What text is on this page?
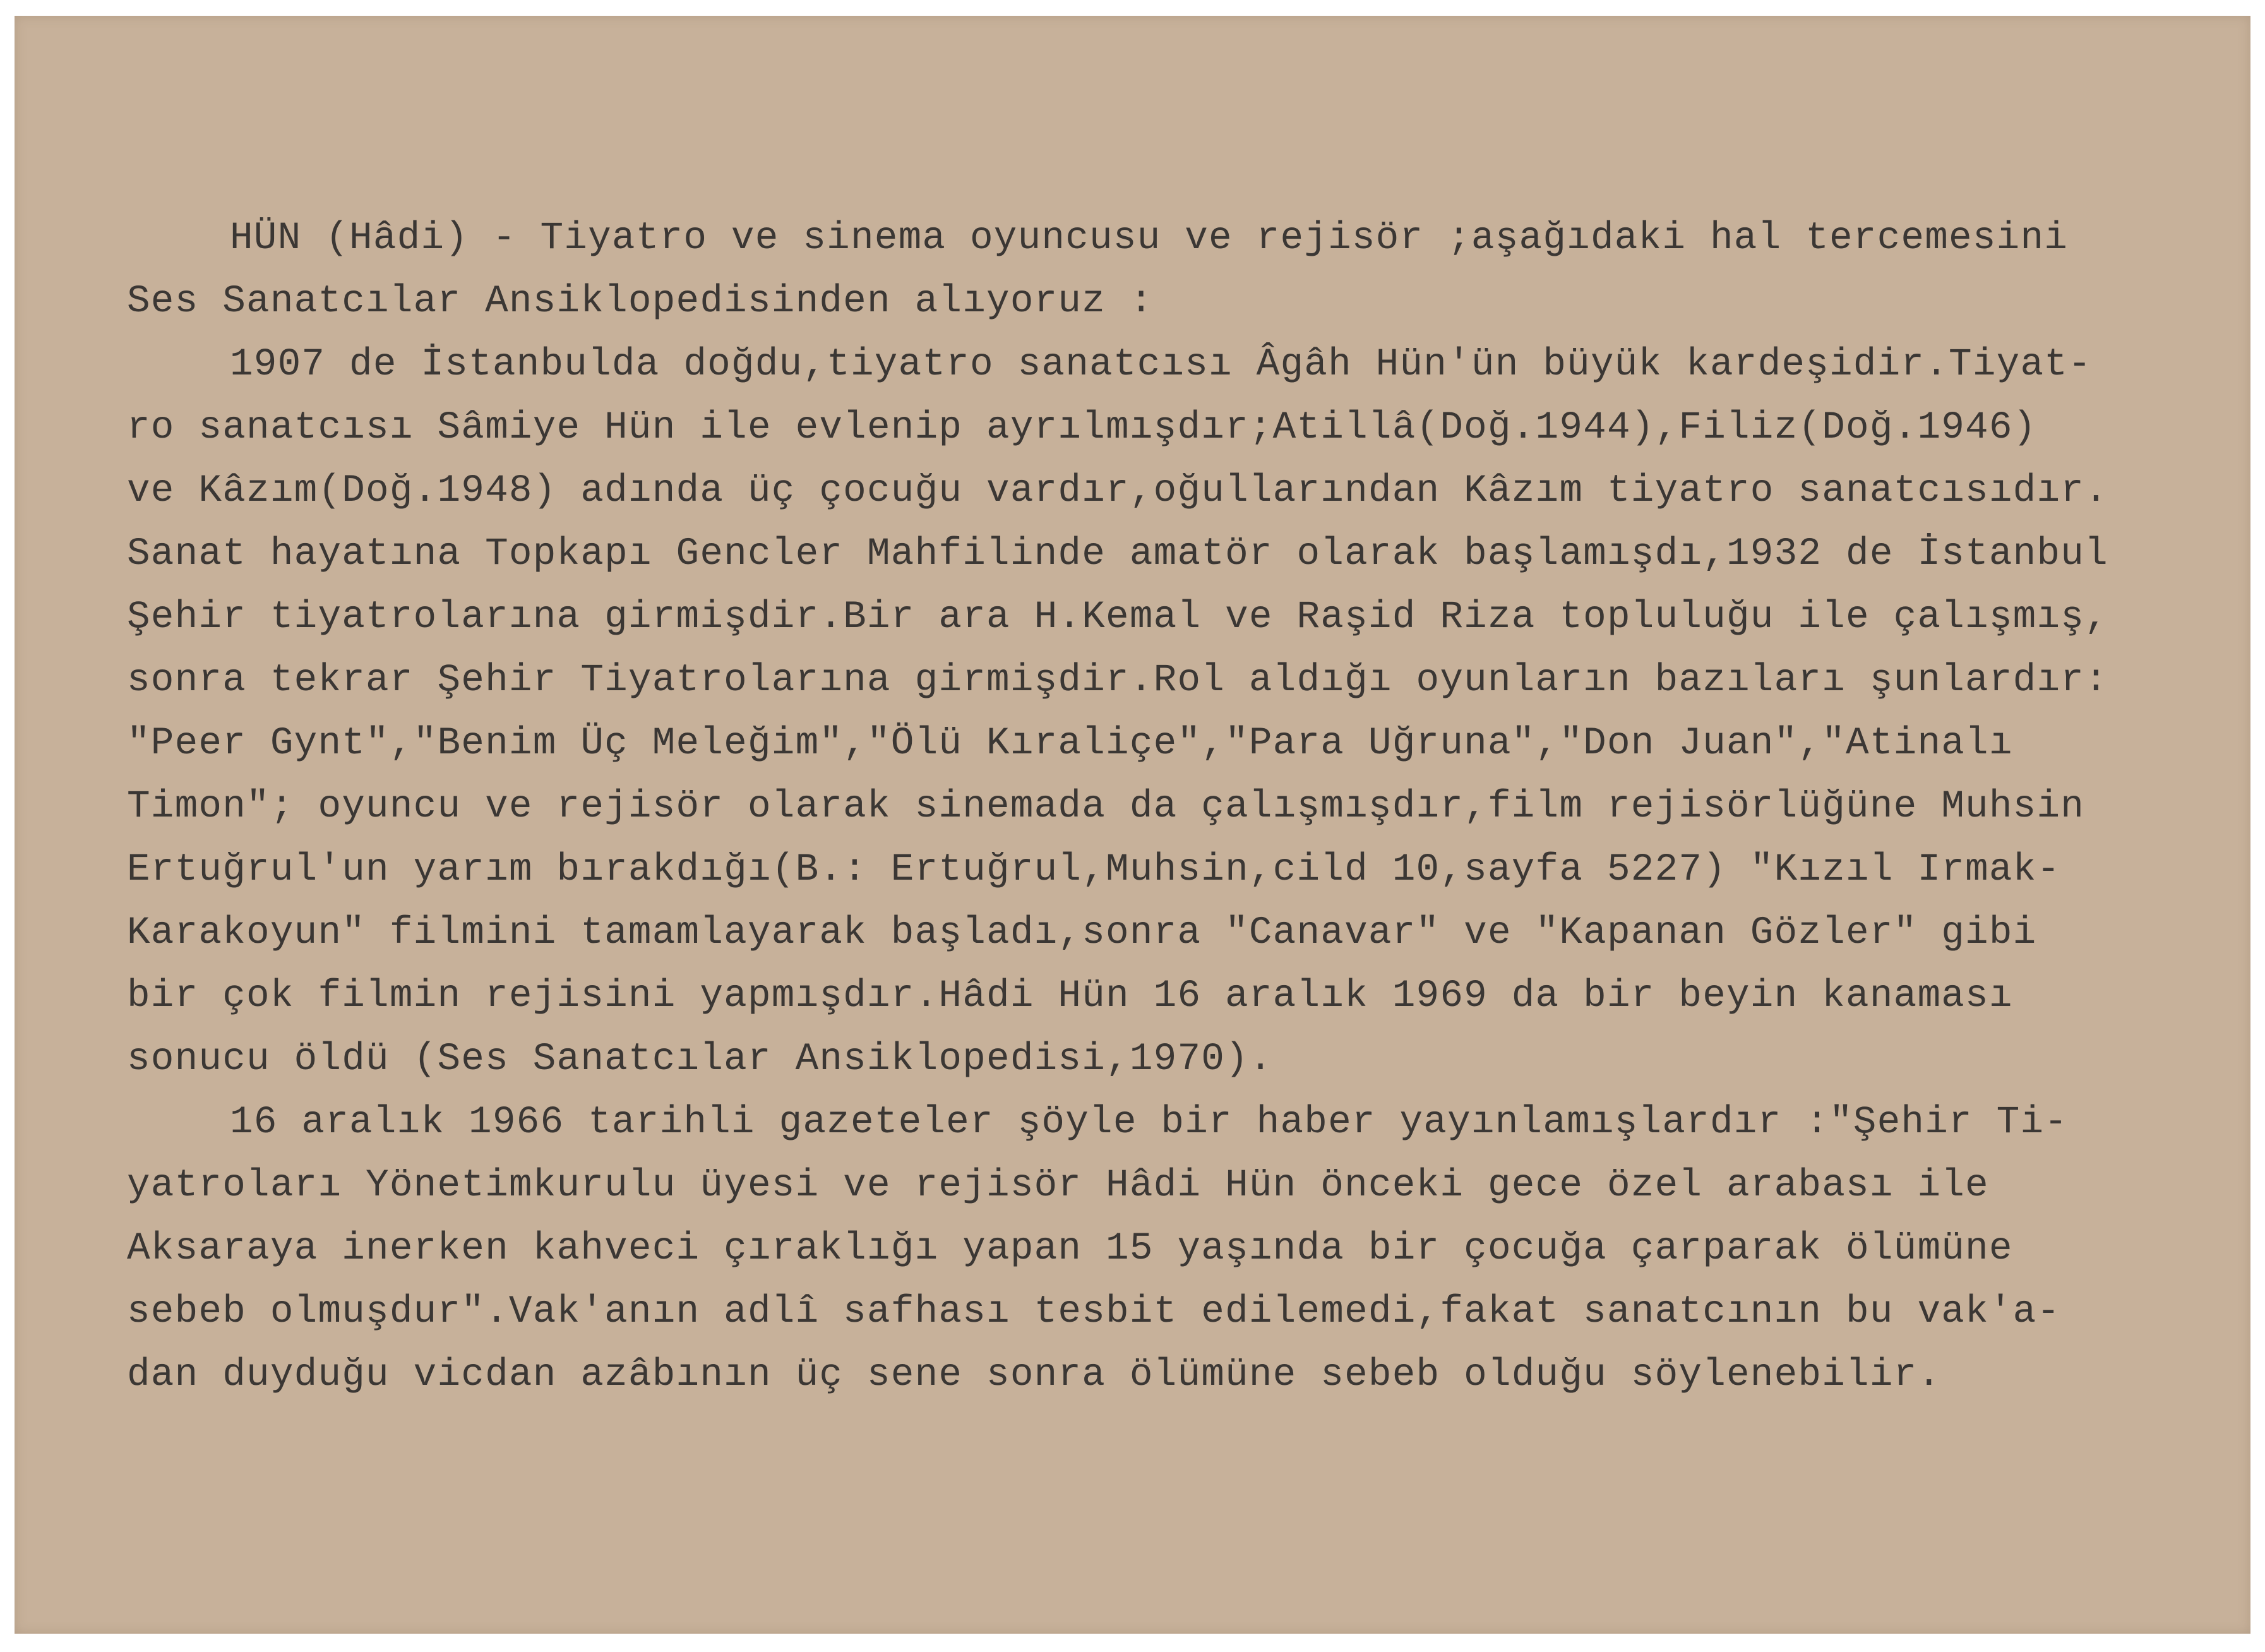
HÜN (Hâdi) - Tiyatro ve sinema oyuncusu ve rejisör ;aşağıdaki hal tercemesini

Ses Sanatcılar Ansiklopedisinden alıyoruz :

1907 de İstanbulda doğdu,tiyatro sanatcısı Âgâh Hün'ün büyük kardeşidir.Tiyat-

ro sanatcısı Sâmiye Hün ile evlenip ayrılmışdır;Atillâ(Doğ.1944),Filiz(Doğ.1946)

ve Kâzım(Doğ.1948) adında üç çocuğu vardır,oğullarından Kâzım tiyatro sanatcısıdır.

Sanat hayatına Topkapı Gencler Mahfilinde amatör olarak başlamışdı,1932 de İstanbul

Şehir tiyatrolarına girmişdir.Bir ara H.Kemal ve Raşid Riza topluluğu ile çalışmış,

sonra tekrar Şehir Tiyatrolarına girmişdir.Rol aldığı oyunların bazıları şunlardır:

"Peer Gynt","Benim Üç Meleğim","Ölü Kıraliçe","Para Uğruna","Don Juan","Atinalı

Timon"; oyuncu ve rejisör olarak sinemada da çalışmışdır,film rejisörlüğüne Muhsin

Ertuğrul'un yarım bırakdığı(B.: Ertuğrul,Muhsin,cild 10,sayfa 5227) "Kızıl Irmak-

Karakoyun" filmini tamamlayarak başladı,sonra "Canavar" ve "Kapanan Gözler" gibi

bir çok filmin rejisini yapmışdır.Hâdi Hün 16 aralık 1969 da bir beyin kanaması

sonucu öldü (Ses Sanatcılar Ansiklopedisi,1970).

16 aralık 1966 tarihli gazeteler şöyle bir haber yayınlamışlardır :"Şehir Ti-

yatroları Yönetimkurulu üyesi ve rejisör Hâdi Hün önceki gece özel arabası ile

Aksaraya inerken kahveci çıraklığı yapan 15 yaşında bir çocuğa çarparak ölümüne

sebeb olmuşdur".Vak'anın adlî safhası tesbit edilemedi,fakat sanatcının bu vak'a-

dan duyduğu vicdan azâbının üç sene sonra ölümüne sebeb olduğu söylenebilir.
